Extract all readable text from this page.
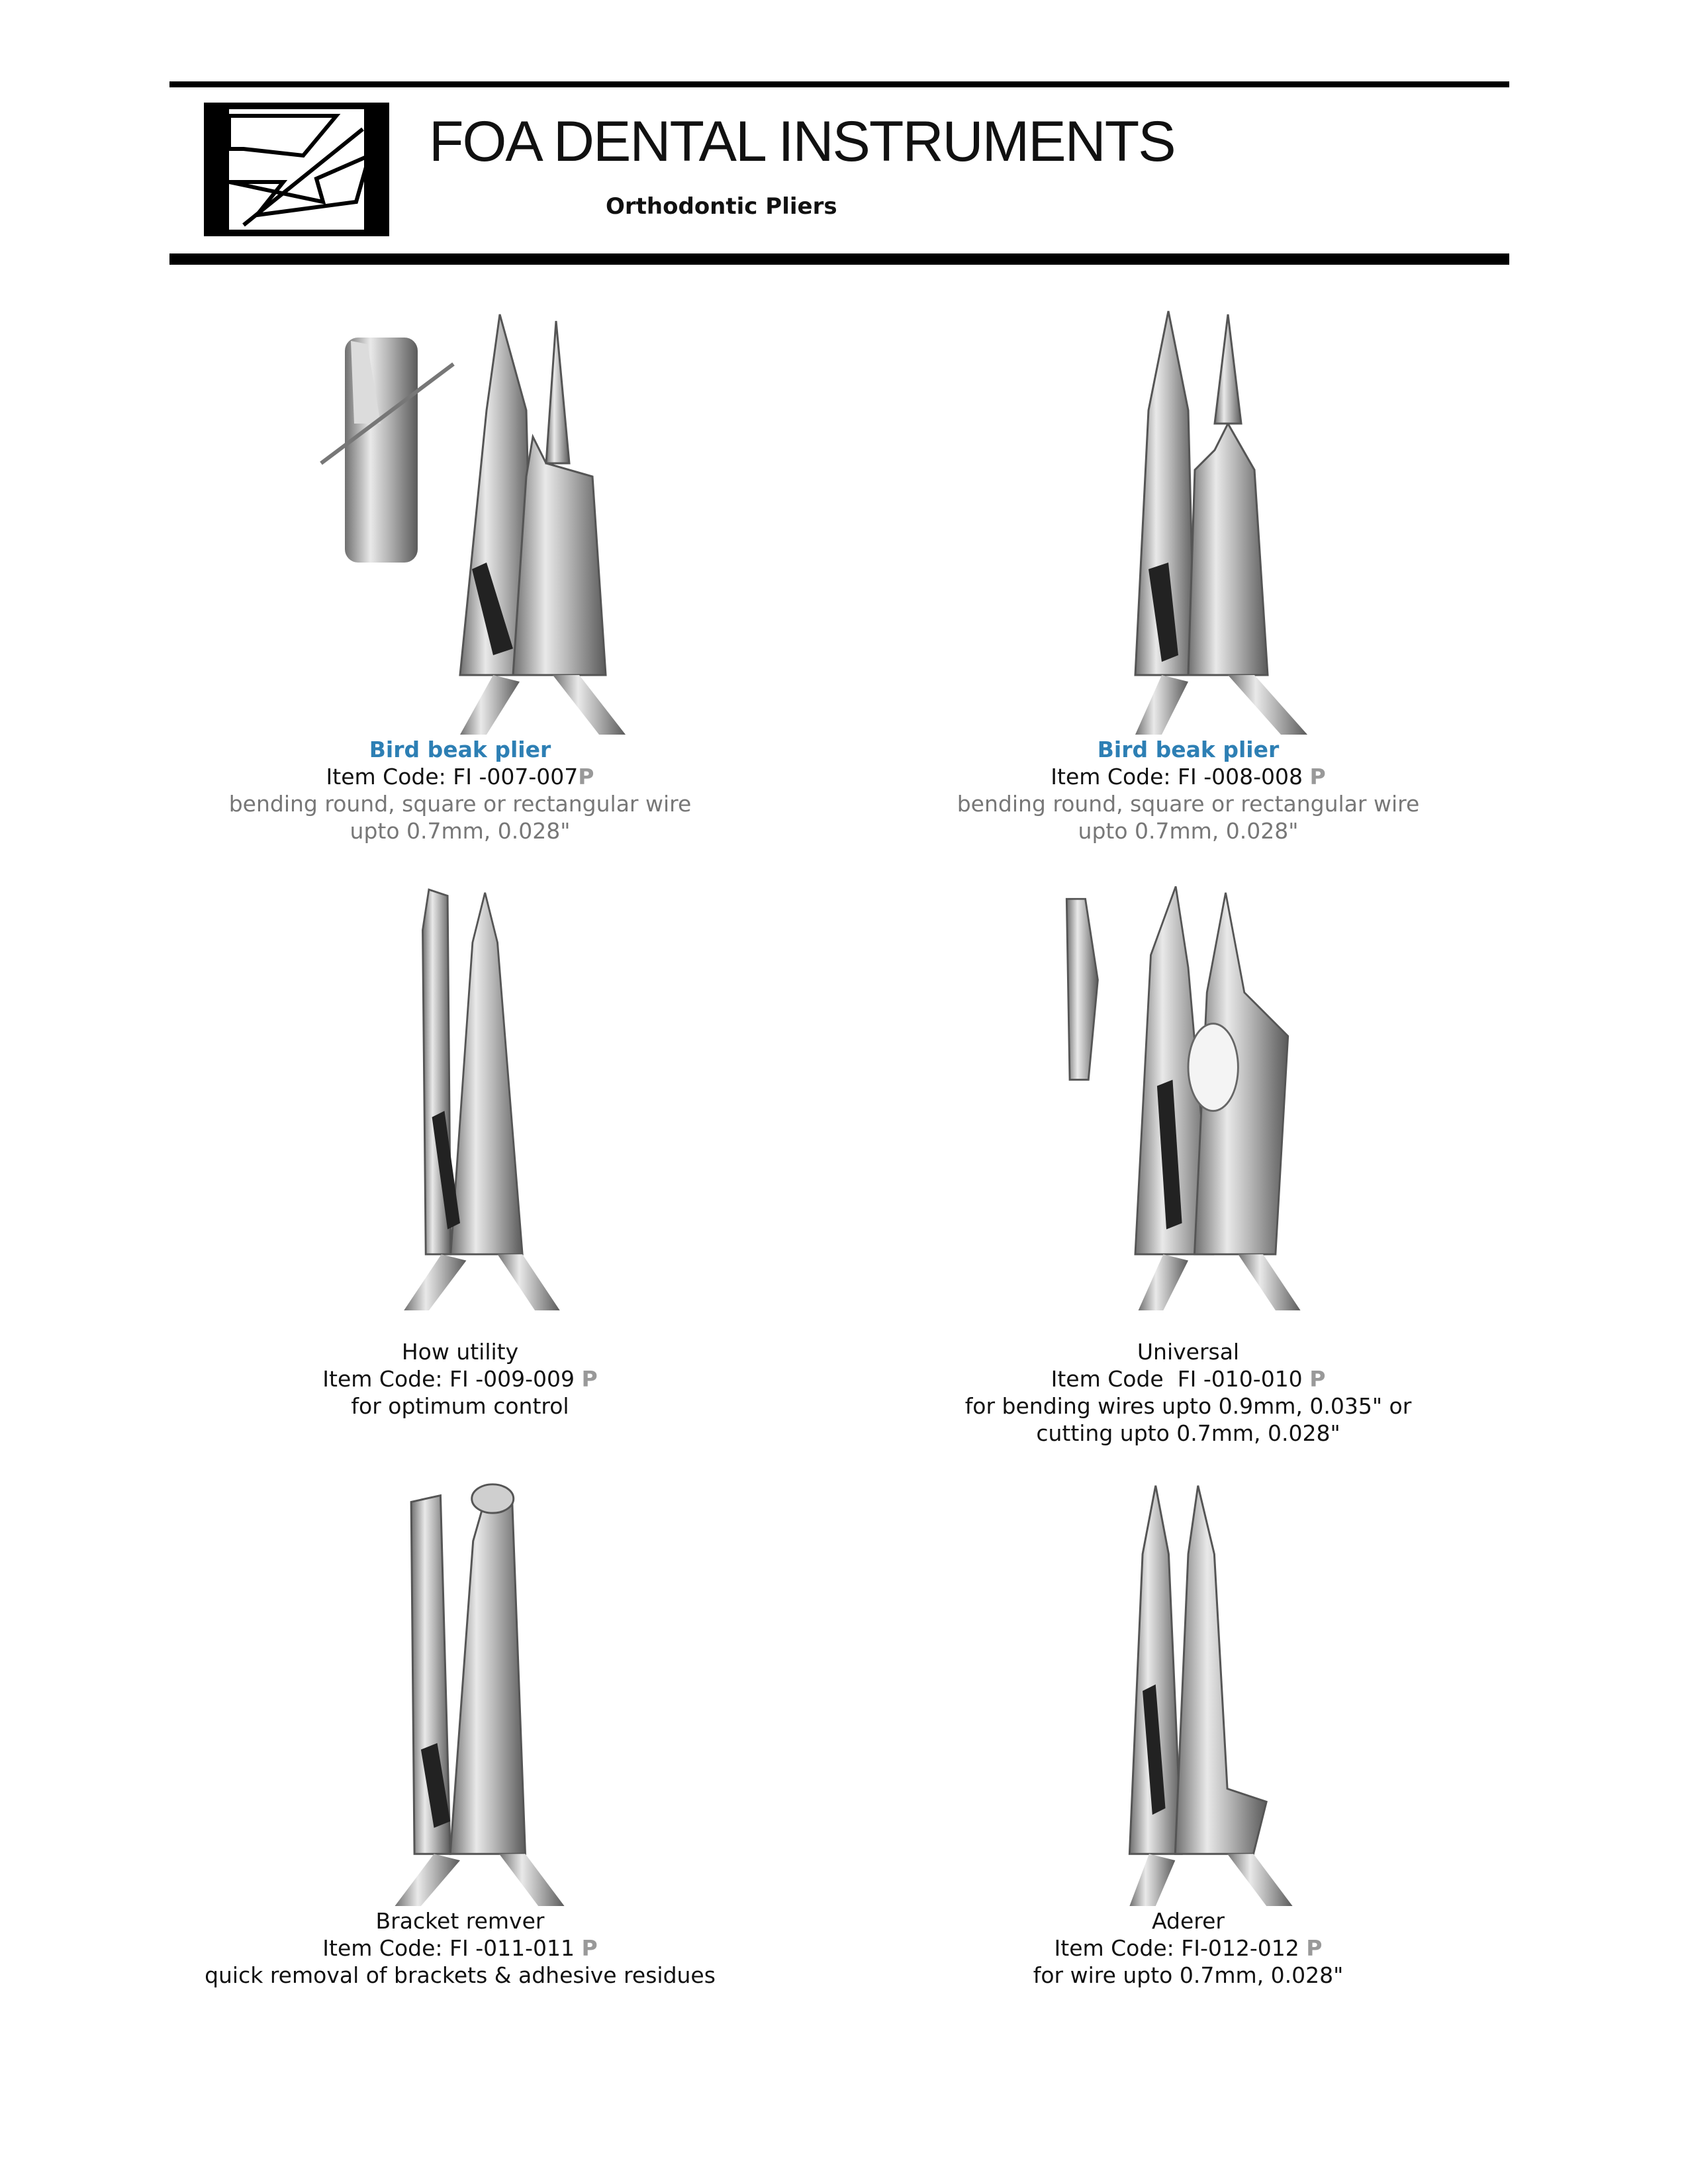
FOA DENTAL INSTRUMENTS
Orthodontic Pliers
Bird beak plier
Item Code: FI -007-007P
bending round, square or rectangular wire
upto 0.7mm, 0.028"
Bird beak plier
Item Code: FI -008-008 P
bending round, square or rectangular wire
upto 0.7mm, 0.028"
How utility
Item Code: FI -009-009 P
for optimum control
Universal
Item Code FI -010-010 P
for bending wires upto 0.9mm, 0.035" or
cutting upto 0.7mm, 0.028"
Bracket remver
Item Code: FI -011-011 P
quick removal of brackets & adhesive residues
Aderer
Item Code: FI-012-012 P
for wire upto 0.7mm, 0.028"
